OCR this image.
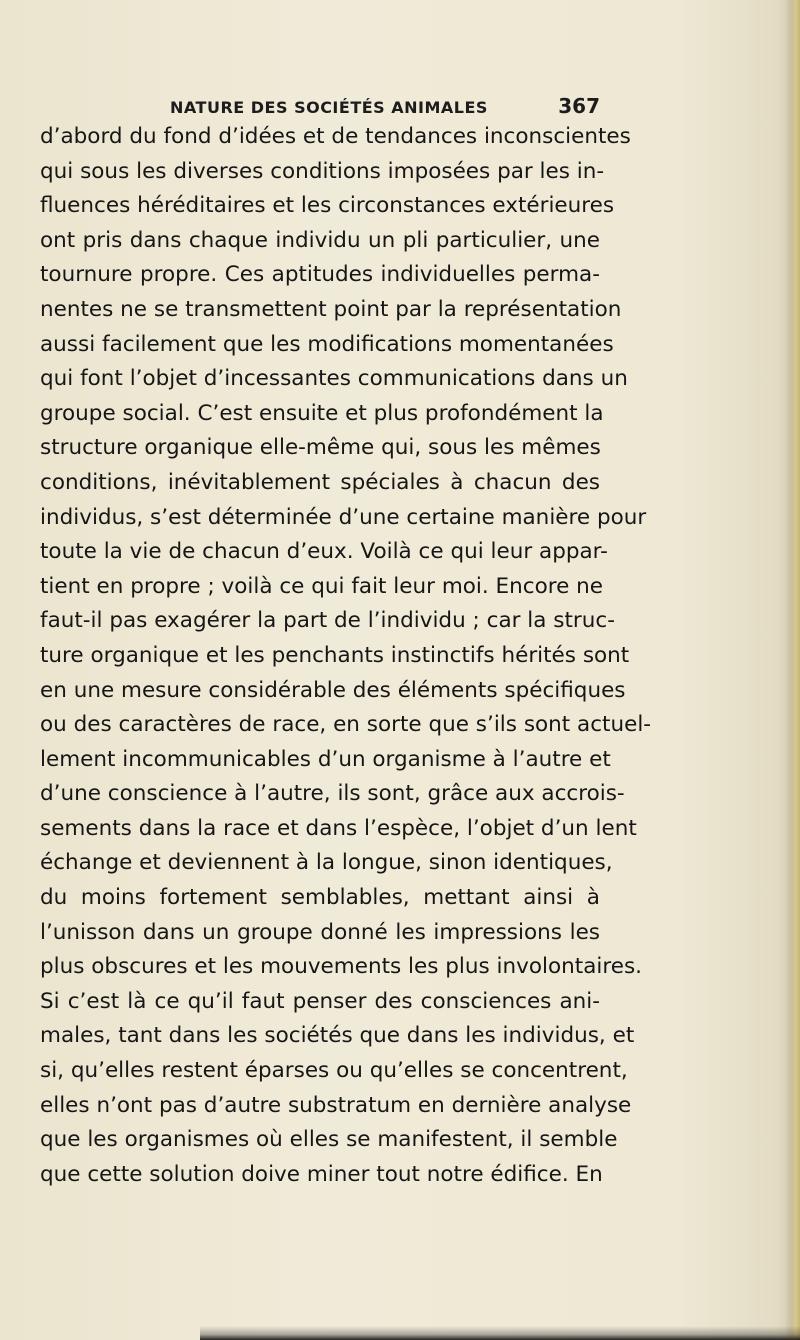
NATURE DES SOCIÉTÉS ANIMALES	367
d’abord du fond d’idées et de tendances inconscientes
qui sous les diverses conditions imposées par les in-
fluences héréditaires et les circonstances extérieures
ont pris dans chaque individu un pli particulier, une
tournure propre. Ces aptitudes individuelles perma-
nentes ne se transmettent point par la représentation
aussi facilement que les modifications momentanées
qui font l’objet d’incessantes communications dans un
groupe social. C’est ensuite et plus profondément la
structure organique elle-même qui, sous les mêmes
conditions, inévitablement spéciales à chacun des
individus, s’est déterminée d’une certaine manière pour
toute la vie de chacun d’eux. Voilà ce qui leur appar-
tient en propre ; voilà ce qui fait leur moi. Encore ne
faut-il pas exagérer la part de l’individu ; car la struc-
ture organique et les penchants instinctifs hérités sont
en une mesure considérable des éléments spécifiques
ou des caractères de race, en sorte que s’ils sont actuel-
lement incommunicables d’un organisme à l’autre et
d’une conscience à l’autre, ils sont, grâce aux accrois-
sements dans la race et dans l’espèce, l’objet d’un lent
échange et deviennent à la longue, sinon identiques,
du moins fortement semblables, mettant ainsi à
l’unisson dans un groupe donné les impressions les
plus obscures et les mouvements les plus involontaires.
Si c’est là ce qu’il faut penser des consciences ani-
males, tant dans les sociétés que dans les individus, et
si, qu’elles restent éparses ou qu’elles se concentrent,
elles n’ont pas d’autre substratum en dernière analyse
que les organismes où elles se manifestent, il semble
que cette solution doive miner tout notre édifice. En
